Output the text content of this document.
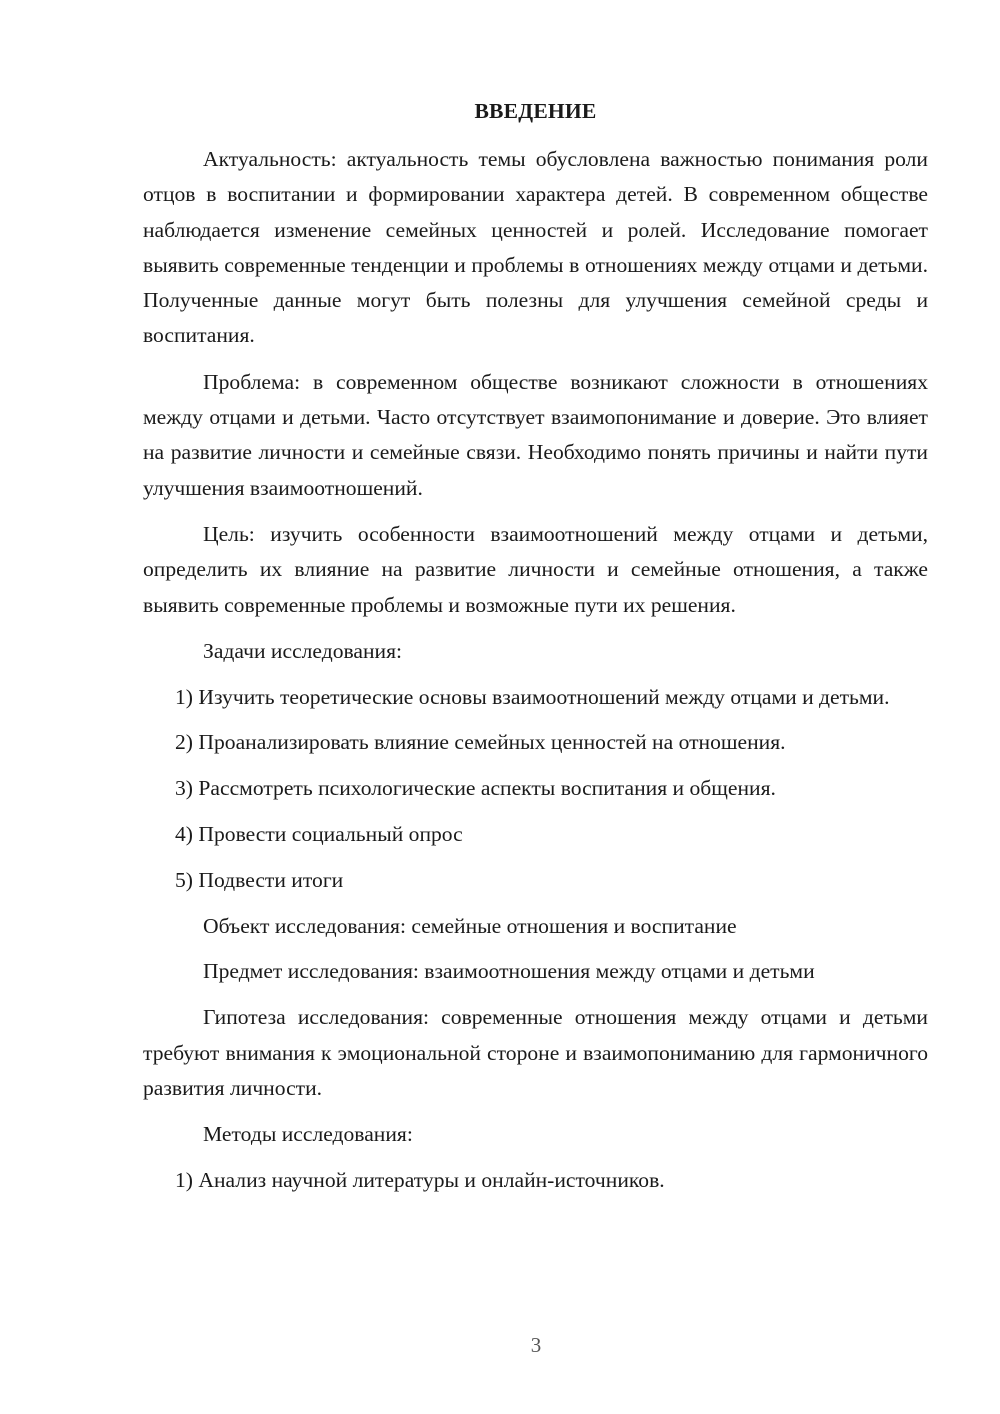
ВВЕДЕНИЕ

Актуальность: актуальность темы обусловлена важностью понимания роли отцов в воспитании и формировании характера детей. В современном обществе наблюдается изменение семейных ценностей и ролей. Исследование помогает выявить современные тенденции и проблемы в отношениях между отцами и детьми. Полученные данные могут быть полезны для улучшения семейной среды и воспитания.

Проблема: в современном обществе возникают сложности в отношениях между отцами и детьми. Часто отсутствует взаимопонимание и доверие. Это влияет на развитие личности и семейные связи. Необходимо понять причины и найти пути улучшения взаимоотношений.

Цель: изучить особенности взаимоотношений между отцами и детьми, определить их влияние на развитие личности и семейные отношения, а также выявить современные проблемы и возможные пути их решения.

Задачи исследования:

1) Изучить теоретические основы взаимоотношений между отцами и детьми.

2) Проанализировать влияние семейных ценностей на отношения.

3) Рассмотреть психологические аспекты воспитания и общения.

4) Провести социальный опрос

5) Подвести итоги

Объект исследования: семейные отношения и воспитание

Предмет исследования: взаимоотношения между отцами и детьми

Гипотеза исследования: современные отношения между отцами и детьми требуют внимания к эмоциональной стороне и взаимопониманию для гармоничного развития личности.

Методы исследования:

1) Анализ научной литературы и онлайн-источников.

3
